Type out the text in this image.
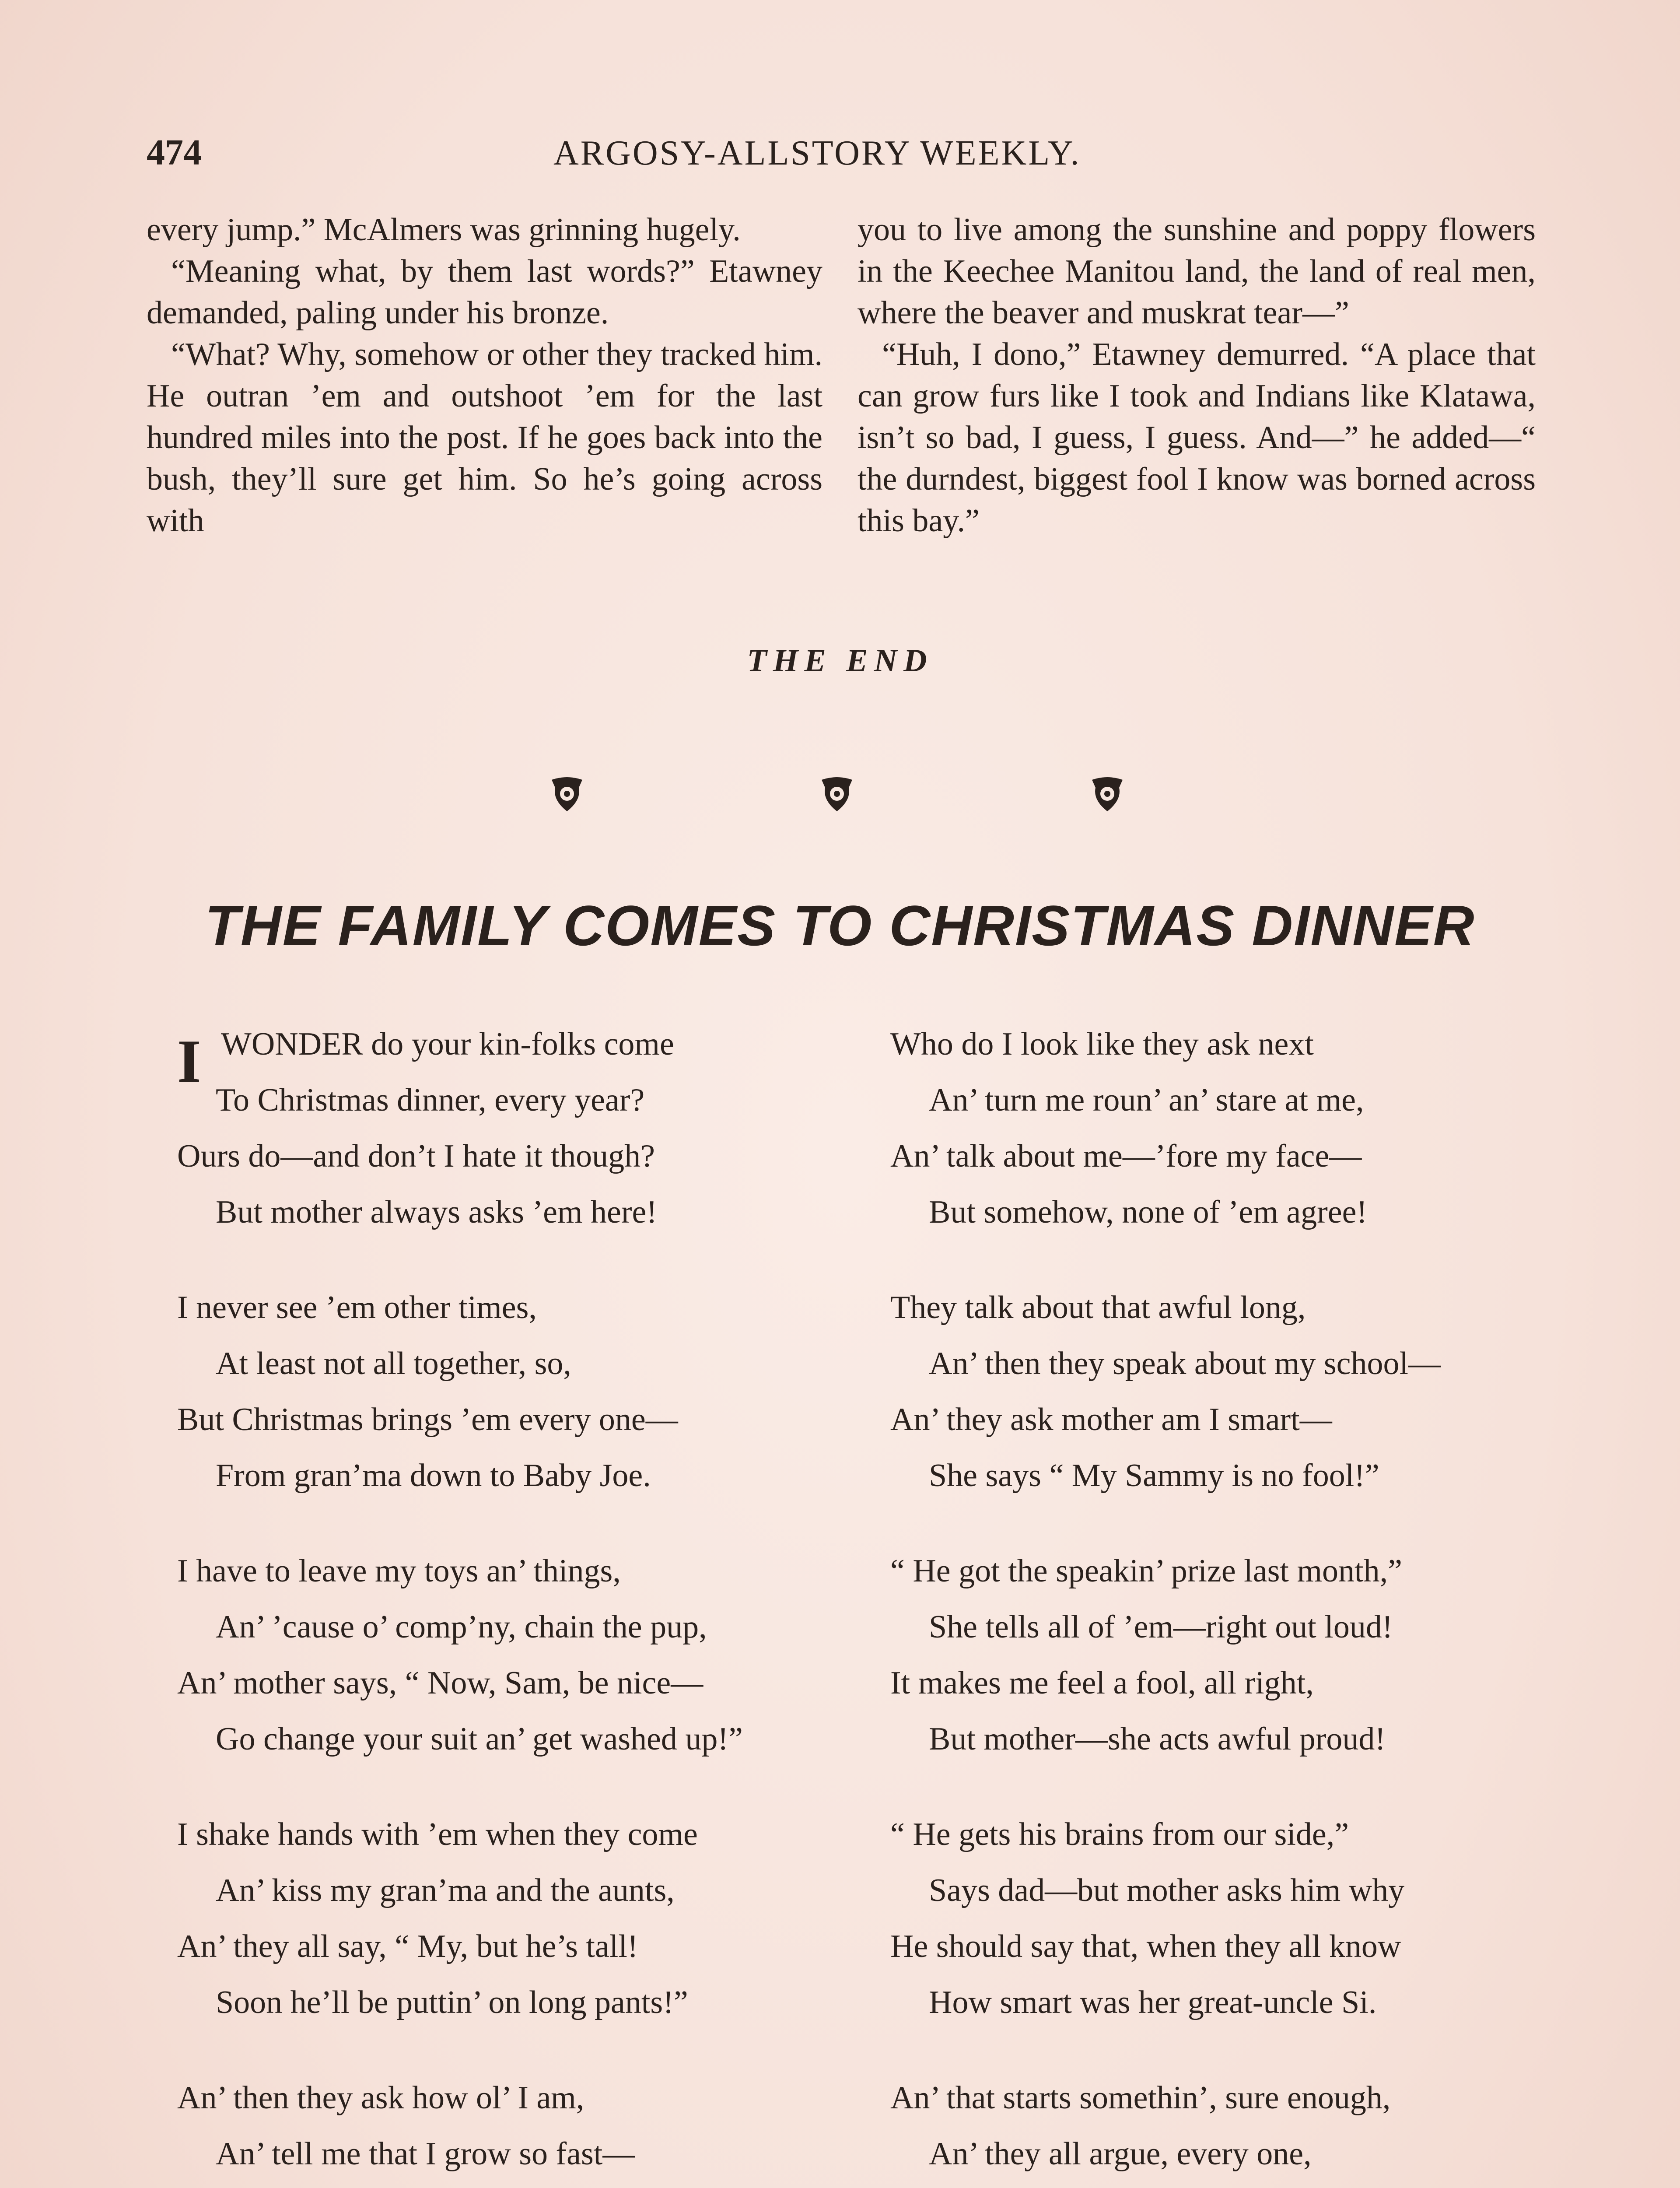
474	ARGOSY-ALLSTORY WEEKLY.

every jump.” McAlmers was grinning hugely.

“Meaning what, by them last words?” Etawney demanded, paling under his bronze.

“What? Why, somehow or other they tracked him. He outran ’em and outshoot ’em for the last hundred miles into the post. If he goes back into the bush, they’ll sure get him. So he’s going across with

you to live among the sunshine and poppy flowers in the Keechee Manitou land, the land of real men, where the beaver and muskrat tear—”

“Huh, I dono,” Etawney demurred. “A place that can grow furs like I took and Indians like Klatawa, isn’t so bad, I guess, I guess. And—” he added—“ the durndest, biggest fool I know was borned across this bay.”

THE END
THE FAMILY COMES TO CHRISTMAS DINNER
I WONDER do your kin-folks come
To Christmas dinner, every year?
Ours do—and don’t I hate it though?
But mother always asks ’em here!
I never see ’em other times,
At least not all together, so,
But Christmas brings ’em every one—
From gran’ma down to Baby Joe.
I have to leave my toys an’ things,
An’ ’cause o’ comp’ny, chain the pup,
An’ mother says, “ Now, Sam, be nice—
Go change your suit an’ get washed up!”
I shake hands with ’em when they come
An’ kiss my gran’ma and the aunts,
An’ they all say, “ My, but he’s tall!
Soon he’ll be puttin’ on long pants!”
An’ then they ask how ol’ I am,
An’ tell me that I grow so fast—
Who do I look like they ask next
An’ turn me roun’ an’ stare at me,
An’ talk about me—’fore my face—
But somehow, none of ’em agree!
They talk about that awful long,
An’ then they speak about my school—
An’ they ask mother am I smart—
She says “ My Sammy is no fool!”
“ He got the speakin’ prize last month,”
She tells all of ’em—right out loud!
It makes me feel a fool, all right,
But mother—she acts awful proud!
“ He gets his brains from our side,”
Says dad—but mother asks him why
He should say that, when they all know
How smart was her great-uncle Si.
An’ that starts somethin’, sure enough,
An’ they all argue, every one,
